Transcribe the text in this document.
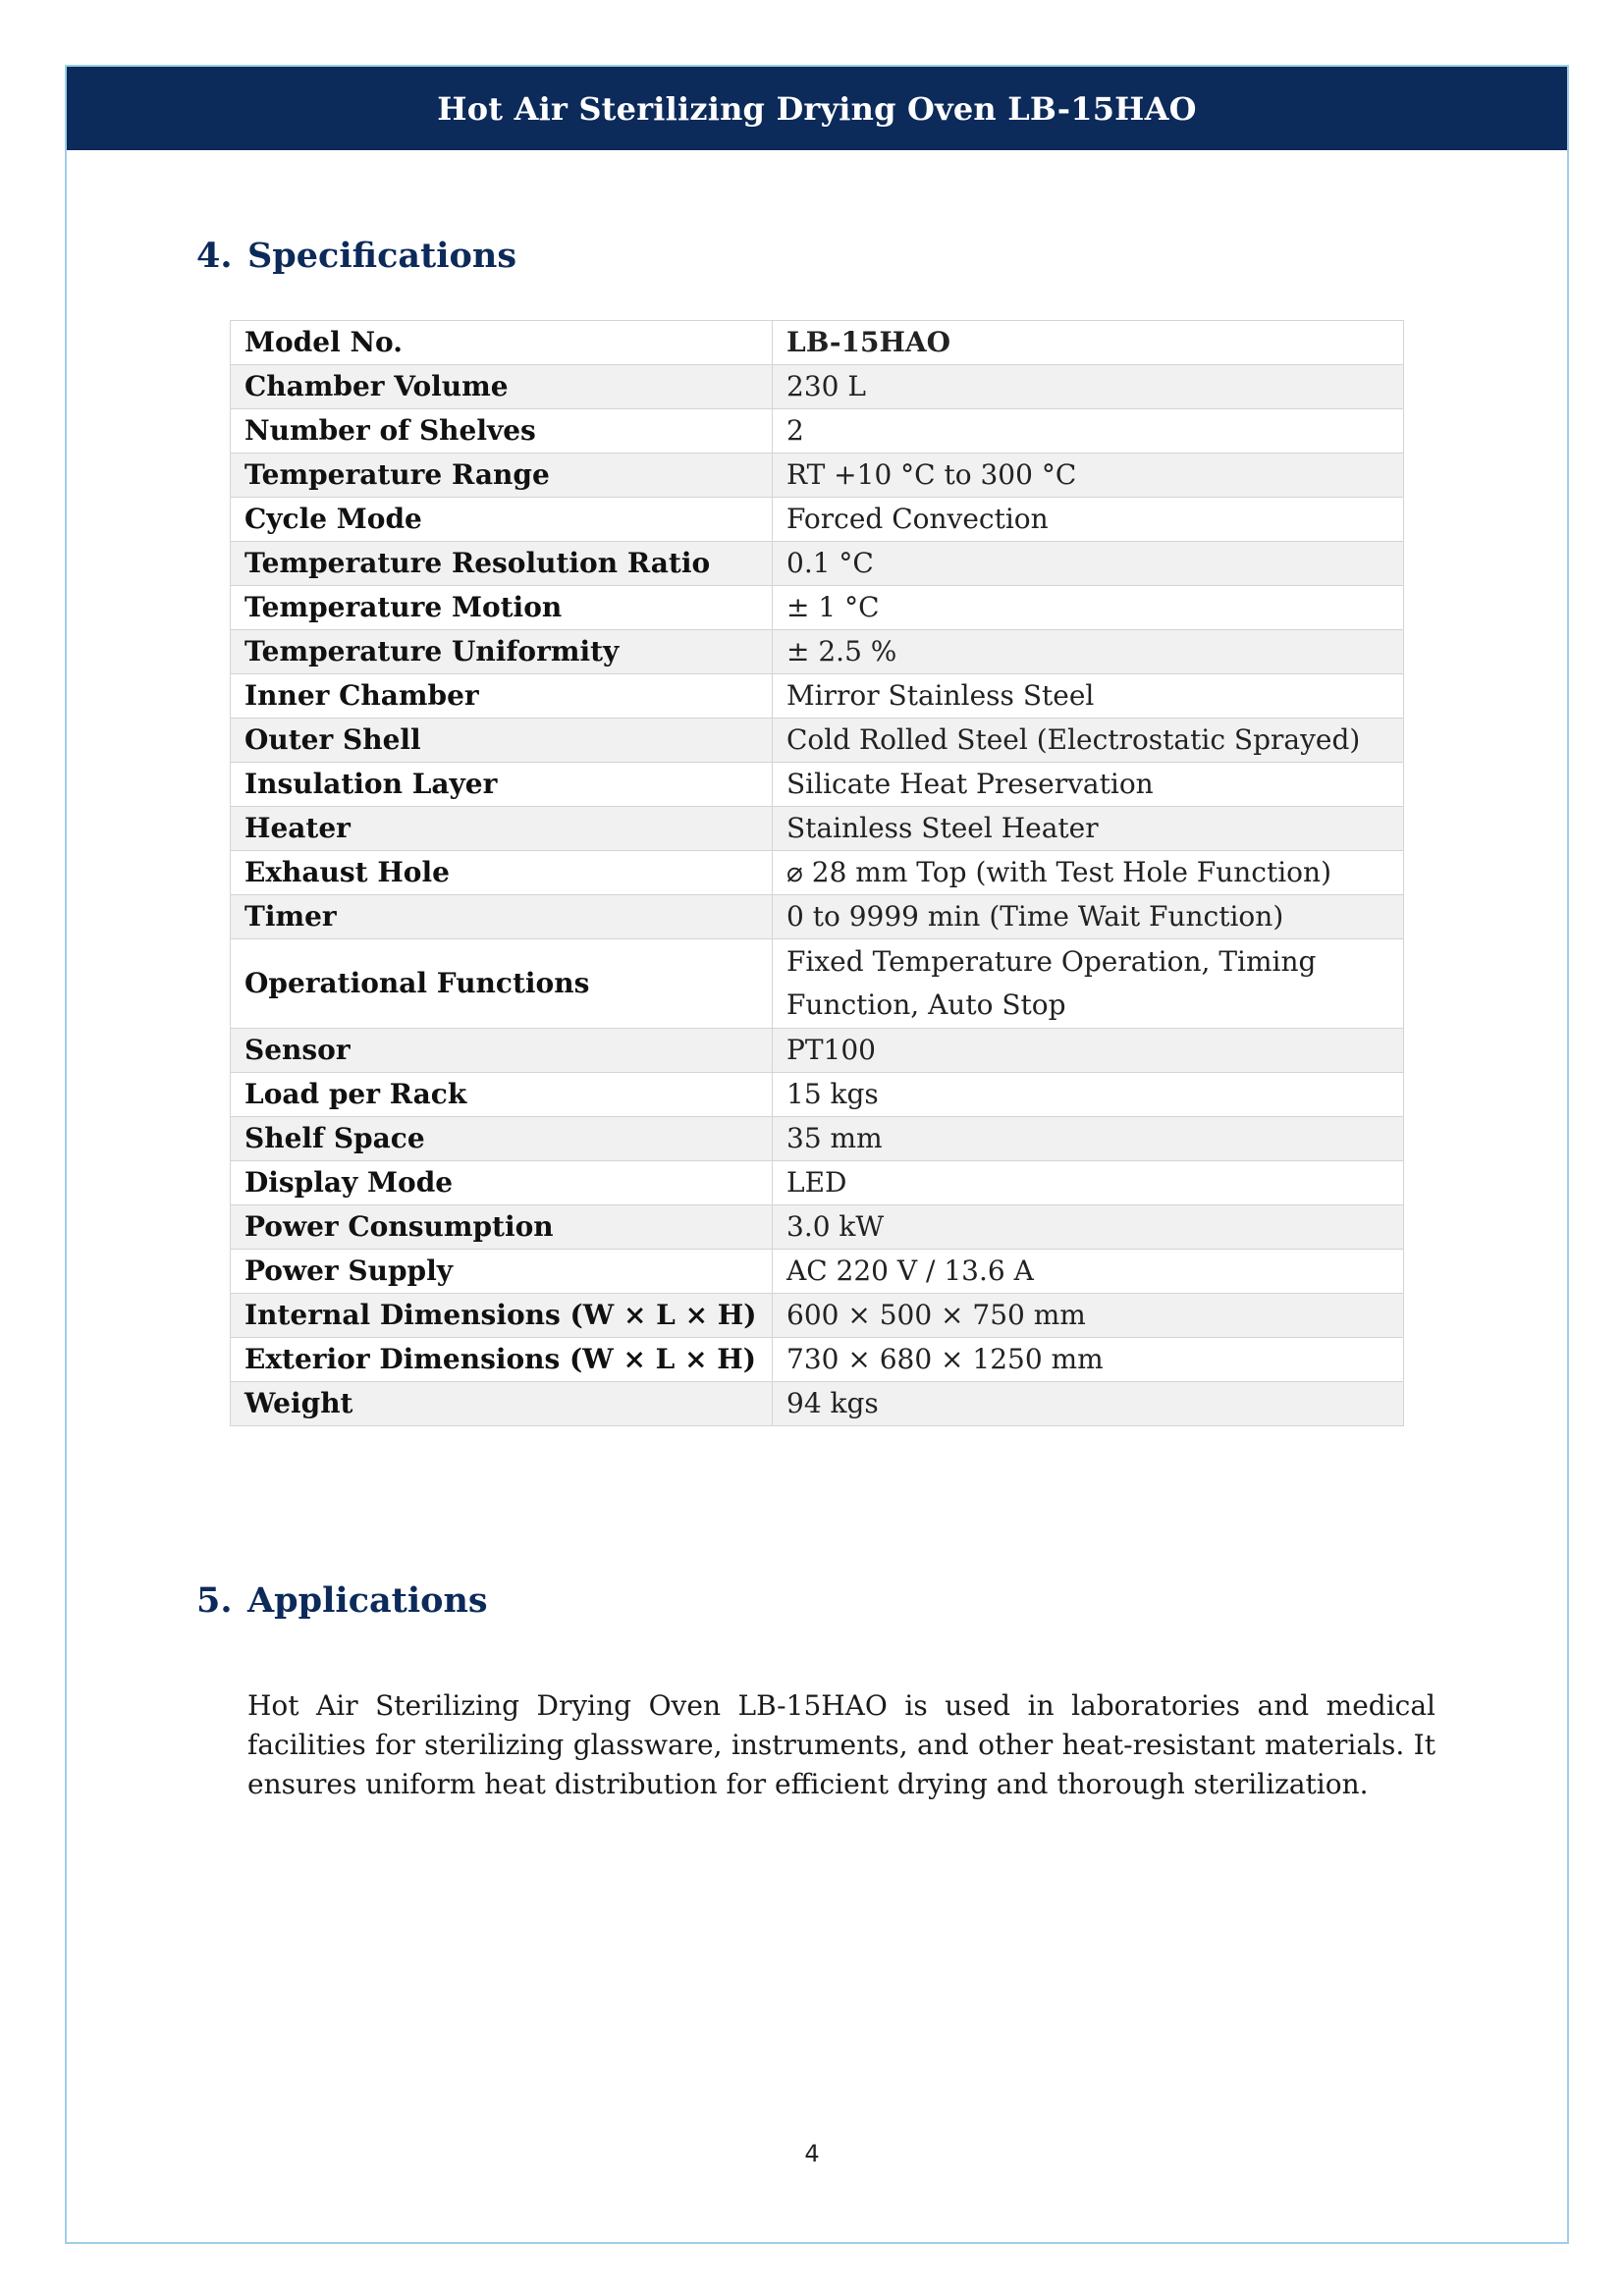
Hot Air Sterilizing Drying Oven LB-15HAO
4. Specifications
Model No.	LB-15HAO
Chamber Volume	230 L
Number of Shelves	2
Temperature Range	RT +10 °C to 300 °C
Cycle Mode	Forced Convection
Temperature Resolution Ratio	0.1 °C
Temperature Motion	± 1 °C
Temperature Uniformity	± 2.5 %
Inner Chamber	Mirror Stainless Steel
Outer Shell	Cold Rolled Steel (Electrostatic Sprayed)
Insulation Layer	Silicate Heat Preservation
Heater	Stainless Steel Heater
Exhaust Hole	⌀ 28 mm Top (with Test Hole Function)
Timer	0 to 9999 min (Time Wait Function)
Operational Functions	Fixed Temperature Operation, Timing Function, Auto Stop
Sensor	PT100
Load per Rack	15 kgs
Shelf Space	35 mm
Display Mode	LED
Power Consumption	3.0 kW
Power Supply	AC 220 V / 13.6 A
Internal Dimensions (W × L × H)	600 × 500 × 750 mm
Exterior Dimensions (W × L × H)	730 × 680 × 1250 mm
Weight	94 kgs
5. Applications

Hot Air Sterilizing Drying Oven LB-15HAO is used in laboratories and medical facilities for sterilizing glassware, instruments, and other heat-resistant materials. It ensures uniform heat distribution for efficient drying and thorough sterilization.

4
